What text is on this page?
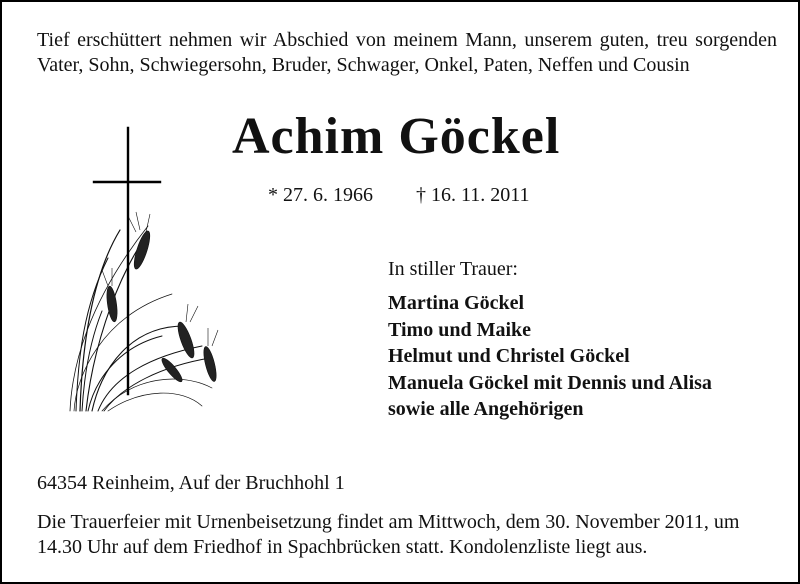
Tief erschüttert nehmen wir Abschied von meinem Mann, unserem guten, treu sorgenden Vater, Sohn, Schwiegersohn, Bruder, Schwager, Onkel, Paten, Neffen und Cousin

Achim Göckel
* 27. 6. 1966 † 16. 11. 2011
In stiller Trauer:
Martina Göckel
Timo und Maike
Helmut und Christel Göckel
Manuela Göckel mit Dennis und Alisa
sowie alle Angehörigen
64354 Reinheim, Auf der Bruchhohl 1

Die Trauerfeier mit Urnenbeisetzung findet am Mittwoch, dem 30. November 2011, um 14.30 Uhr auf dem Friedhof in Spachbrücken statt. Kondolenzliste liegt aus.
